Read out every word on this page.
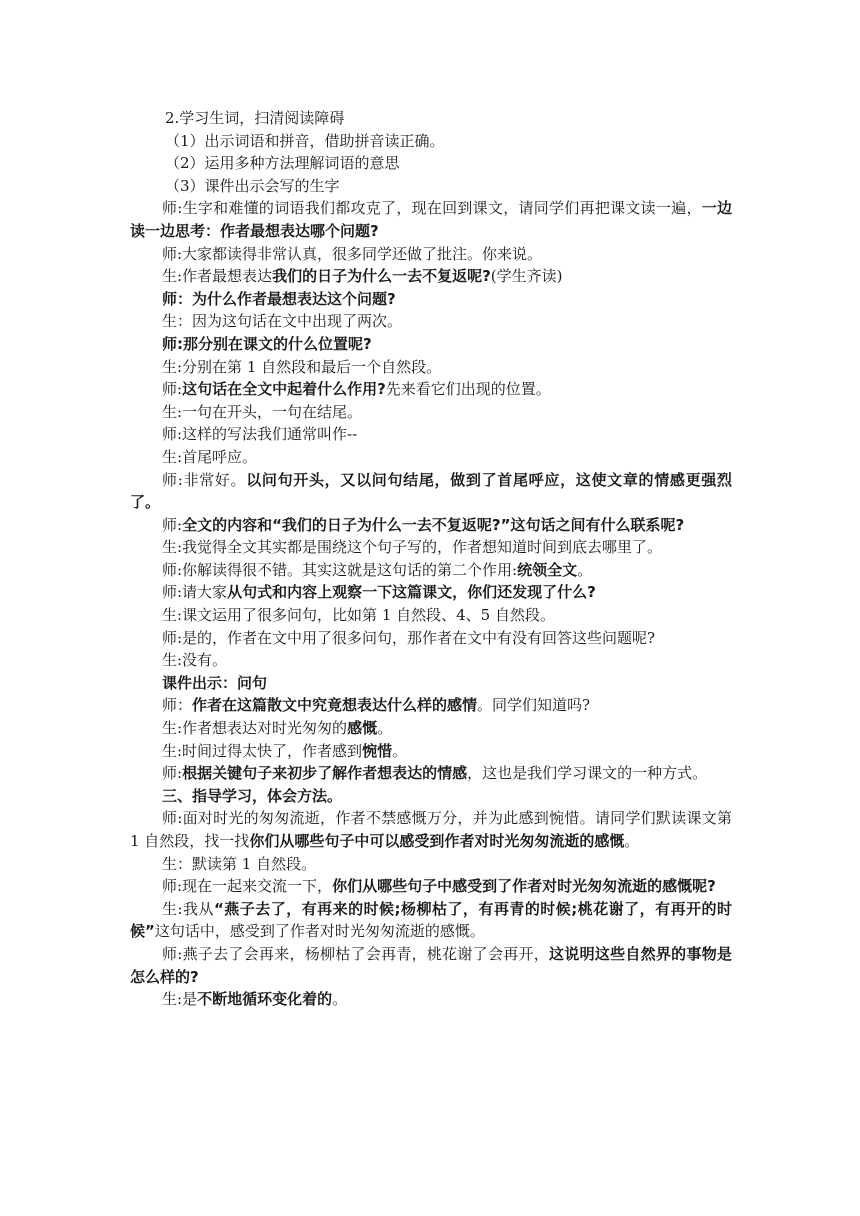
2.学习生词，扫清阅读障碍

（1）出示词语和拼音，借助拼音读正确。

（2）运用多种方法理解词语的意思

（3）课件出示会写的生字

师:生字和难懂的词语我们都攻克了，现在回到课文，请同学们再把课文读一遍，一边读一边思考：作者最想表达哪个问题?

师:大家都读得非常认真，很多同学还做了批注。你来说。

生:作者最想表达我们的日子为什么一去不复返呢?(学生齐读)

师：为什么作者最想表达这个问题?

生：因为这句话在文中出现了两次。

师:那分别在课文的什么位置呢?

生:分别在第 1 自然段和最后一个自然段。

师:这句话在全文中起着什么作用?先来看它们出现的位置。

生:一句在开头，一句在结尾。

师:这样的写法我们通常叫作--

生:首尾呼应。

师:非常好。以问句开头，又以问句结尾，做到了首尾呼应，这使文章的情感更强烈了。

师:全文的内容和“我们的日子为什么一去不复返呢?”这句话之间有什么联系呢?

生:我觉得全文其实都是围绕这个句子写的，作者想知道时间到底去哪里了。

师:你解读得很不错。其实这就是这句话的第二个作用:统领全文。

师:请大家从句式和内容上观察一下这篇课文，你们还发现了什么?

生:课文运用了很多问句，比如第 1 自然段、4、5 自然段。

师:是的，作者在文中用了很多问句，那作者在文中有没有回答这些问题呢?

生:没有。

课件出示：问句

师：作者在这篇散文中究竟想表达什么样的感情。同学们知道吗?

生:作者想表达对时光匆匆的感慨。

生:时间过得太快了，作者感到惋惜。

师:根据关键句子来初步了解作者想表达的情感，这也是我们学习课文的一种方式。

三、指导学习，体会方法。

师:面对时光的匆匆流逝，作者不禁感慨万分，并为此感到惋惜。请同学们默读课文第 1 自然段，找一找你们从哪些句子中可以感受到作者对时光匆匆流逝的感慨。

生：默读第 1 自然段。

师:现在一起来交流一下，你们从哪些句子中感受到了作者对时光匆匆流逝的感慨呢?

生:我从“燕子去了，有再来的时候;杨柳枯了，有再青的时候;桃花谢了，有再开的时候”这句话中，感受到了作者对时光匆匆流逝的感慨。

师:燕子去了会再来，杨柳枯了会再青，桃花谢了会再开，这说明这些自然界的事物是怎么样的?

生:是不断地循环变化着的。
